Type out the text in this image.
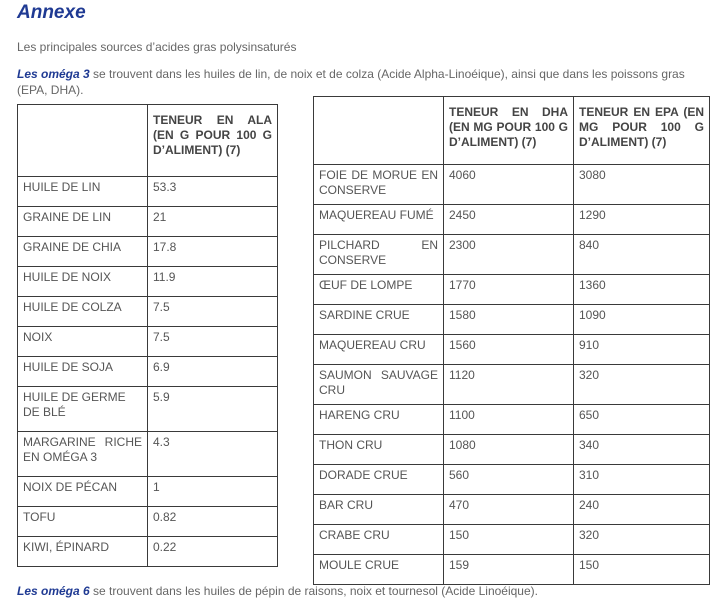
Annexe
Les principales sources d’acides gras polysinsaturés
Les oméga 3 se trouvent dans les huiles de lin, de noix et de colza (Acide Alpha-Linoéique), ainsi que dans les poissons gras (EPA, DHA).
	TENEUR EN ALA (EN G POUR 100 G D’ALIMENT) (7)
HUILE DE LIN	53.3
GRAINE DE LIN	21
GRAINE DE CHIA	17.8
HUILE DE NOIX	11.9
HUILE DE COLZA	7.5
NOIX	7.5
HUILE DE SOJA	6.9
HUILE DE GERME DE BLÉ	5.9
MARGARINE RICHE EN OMÉGA 3	4.3
NOIX DE PÉCAN	1
TOFU	0.82
KIWI, ÉPINARD	0.22
	TENEUR EN DHA (EN MG POUR 100 G D’ALIMENT) (7)	TENEUR EN EPA (EN MG POUR 100 G D’ALIMENT) (7)
FOIE DE MORUE EN CONSERVE	4060	3080
MAQUEREAU FUMÉ	2450	1290
PILCHARD EN CONSERVE	2300	840
ŒUF DE LOMPE	1770	1360
SARDINE CRUE	1580	1090
MAQUEREAU CRU	1560	910
SAUMON SAUVAGE CRU	1120	320
HARENG CRU	1100	650
THON CRU	1080	340
DORADE CRUE	560	310
BAR CRU	470	240
CRABE CRU	150	320
MOULE CRUE	159	150
Les oméga 6 se trouvent dans les huiles de pépin de raisons, noix et tournesol (Acide Linoéique).
